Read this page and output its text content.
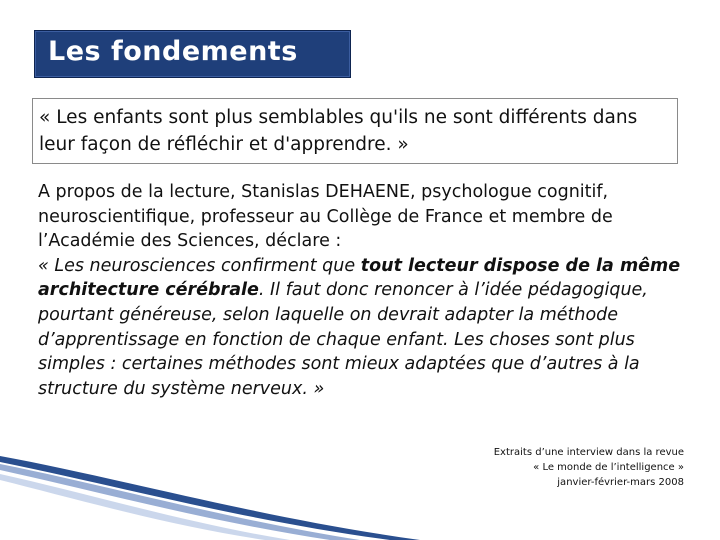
Les fondements
« Les enfants sont plus semblables qu'ils ne sont différents dans leur façon de réfléchir et d'apprendre. »

A propos de la lecture, Stanislas DEHAENE, psychologue cognitif, neuroscientifique, professeur au Collège de France et membre de l’Académie des Sciences, déclare :

« Les neurosciences confirment que tout lecteur dispose de la même architecture cérébrale. Il faut donc renoncer à l’idée pédagogique, pourtant généreuse, selon laquelle on devrait adapter la méthode d’apprentissage en fonction de chaque enfant. Les choses sont plus simples : certaines méthodes sont mieux adaptées que d’autres à la structure du système nerveux. »

Extraits d’une interview dans la revue
« Le monde de l’intelligence »
janvier-février-mars 2008
